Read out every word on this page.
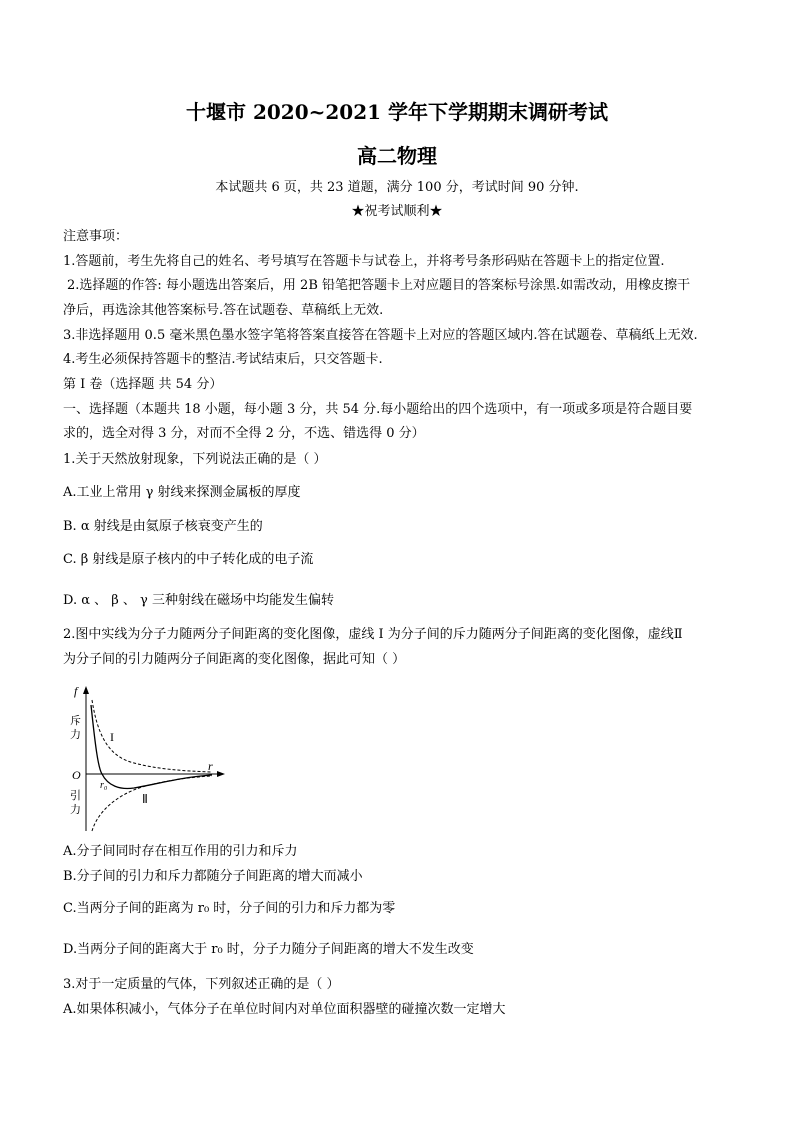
十堰市 2020~2021 学年下学期期末调研考试
高二物理
本试题共 6 页，共 23 道题，满分 100 分，考试时间 90 分钟.
★祝考试顺利★
注意事项：
1.答题前，考生先将自己的姓名、考号填写在答题卡与试卷上，并将考号条形码贴在答题卡上的指定位置.
2.选择题的作答: 每小题选出答案后，用 2B 铅笔把答题卡上对应题目的答案标号涂黑.如需改动，用橡皮擦干
净后，再选涂其他答案标号.答在试题卷、草稿纸上无效.
3.非选择题用 0.5 毫米黑色墨水签字笔将答案直接答在答题卡上对应的答题区域内.答在试题卷、草稿纸上无效.
4.考生必须保持答题卡的整洁.考试结束后，只交答题卡.
第 I 卷（选择题 共 54 分）
一、选择题（本题共 18 小题，每小题 3 分，共 54 分.每小题给出的四个选项中，有一项或多项是符合题目要
求的，选全对得 3 分，对而不全得 2 分，不选、错选得 0 分）
1.关于天然放射现象，下列说法正确的是（ ）
A.工业上常用 γ 射线来探测金属板的厚度
B. α 射线是由氦原子核衰变产生的
C. β 射线是原子核内的中子转化成的电子流
D. α 、 β 、 γ 三种射线在磁场中均能发生偏转
2.图中实线为分子力随两分子间距离的变化图像，虚线 I 为分子间的斥力随两分子间距离的变化图像，虚线Ⅱ
为分子间的引力随两分子间距离的变化图像，据此可知（ ）
f
r
O
斥
力
引
力
I
Ⅱ
r₀
A.分子间同时存在相互作用的引力和斥力
B.分子间的引力和斥力都随分子间距离的增大而减小
C.当两分子间的距离为 r₀ 时，分子间的引力和斥力都为零
D.当两分子间的距离大于 r₀ 时，分子力随分子间距离的增大不发生改变
3.对于一定质量的气体，下列叙述正确的是（ ）
A.如果体积减小，气体分子在单位时间内对单位面积器壁的碰撞次数一定增大
